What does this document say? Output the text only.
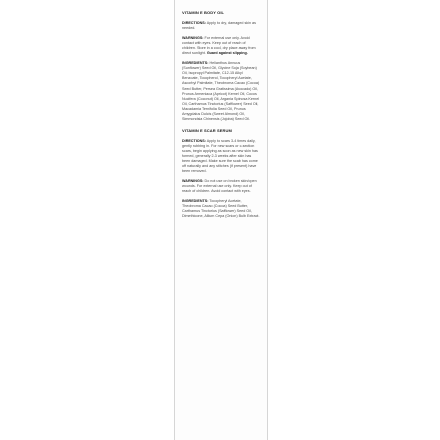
VITAMIN E BODY OIL
DIRECTIONS: Apply to dry, damaged skin as needed.
WARNINGS: For external use only. Avoid contact with eyes. Keep out of reach of children. Store in a cool, dry place away from direct sunlight. Guard against slipping.
INGREDIENTS: Helianthus Annuus (Sunflower) Seed Oil, Glycine Soja (Soybean) Oil, Isopropyl Palmitate, C12-15 Alkyl Benzoate, Tocopherol, Tocopheryl Acetate, Ascorbyl Palmitate, Theobroma Cacao (Cocoa) Seed Butter, Persea Gratissima (Avocado) Oil, Prunus Armeniaca (Apricot) Kernel Oil, Cocos Nucifera (Coconut) Oil, Argania Spinosa Kernel Oil, Carthamus Tinctorius (Safflower) Seed Oil, Macadamia Ternifolia Seed Oil, Prunus Amygdalus Dulcis (Sweet Almond) Oil, Simmondsia Chinensis (Jojoba) Seed Oil.
VITAMIN E SCAR SERUM
DIRECTIONS: Apply to scars 3-4 times daily, gently rubbing in. For new scars or c-section scars, begin applying as soon as new skin has formed, generally 2-3 weeks after skin has been damaged. Make sure the scab has come off naturally and any stitches (if present) have been removed.
WARNINGS: Do not use on broken skin/open wounds. For external use only. Keep out of reach of children. Avoid contact with eyes.
INGREDIENTS: Tocopheryl Acetate, Theobroma Cacao (Cocoa) Seed Butter, Carthamus Tinctorius (Safflower) Seed Oil, Dimethicone, Allium Cepa (Onion) Bulb Extract.
